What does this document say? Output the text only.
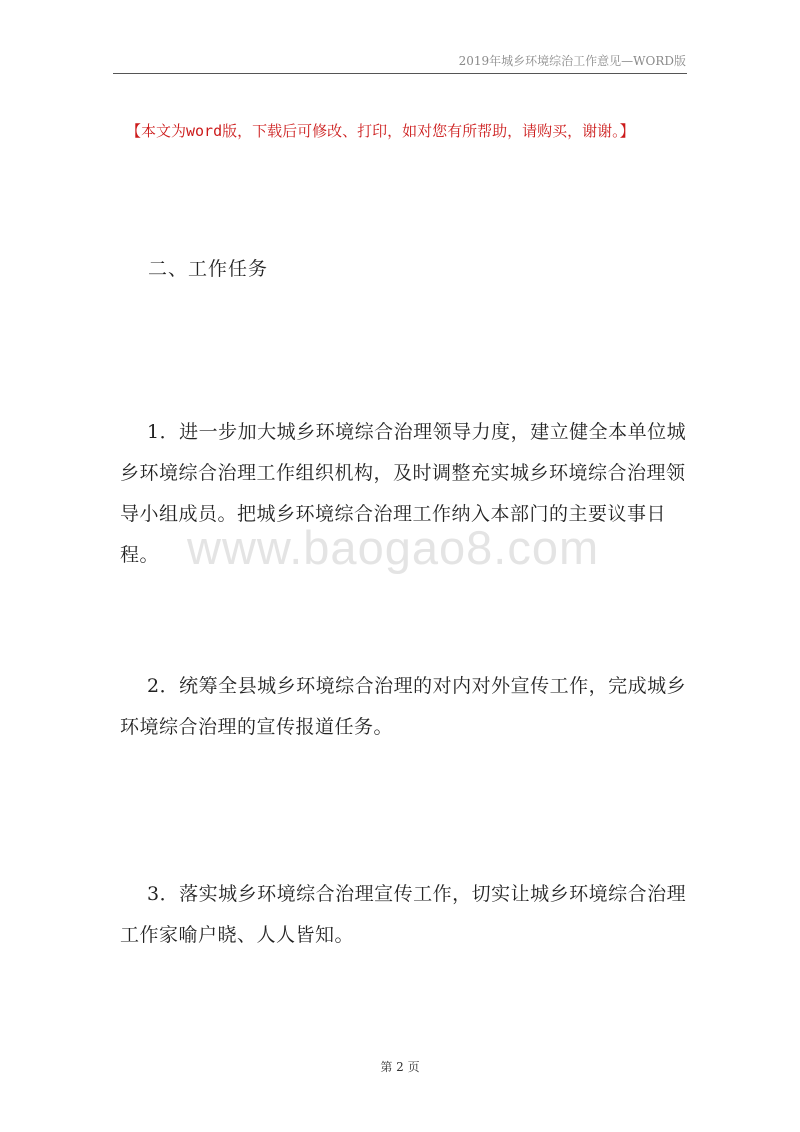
2019年城乡环境综治工作意见—WORD版
【本文为word版，下载后可修改、打印，如对您有所帮助，请购买，谢谢。】
二、工作任务
www.baogao8.com
1．进一步加大城乡环境综合治理领导力度，建立健全本单位城乡环境综合治理工作组织机构，及时调整充实城乡环境综合治理领导小组成员。把城乡环境综合治理工作纳入本部门的主要议事日程。
2．统筹全县城乡环境综合治理的对内对外宣传工作，完成城乡环境综合治理的宣传报道任务。
3．落实城乡环境综合治理宣传工作，切实让城乡环境综合治理工作家喻户晓、人人皆知。
第 2 页
